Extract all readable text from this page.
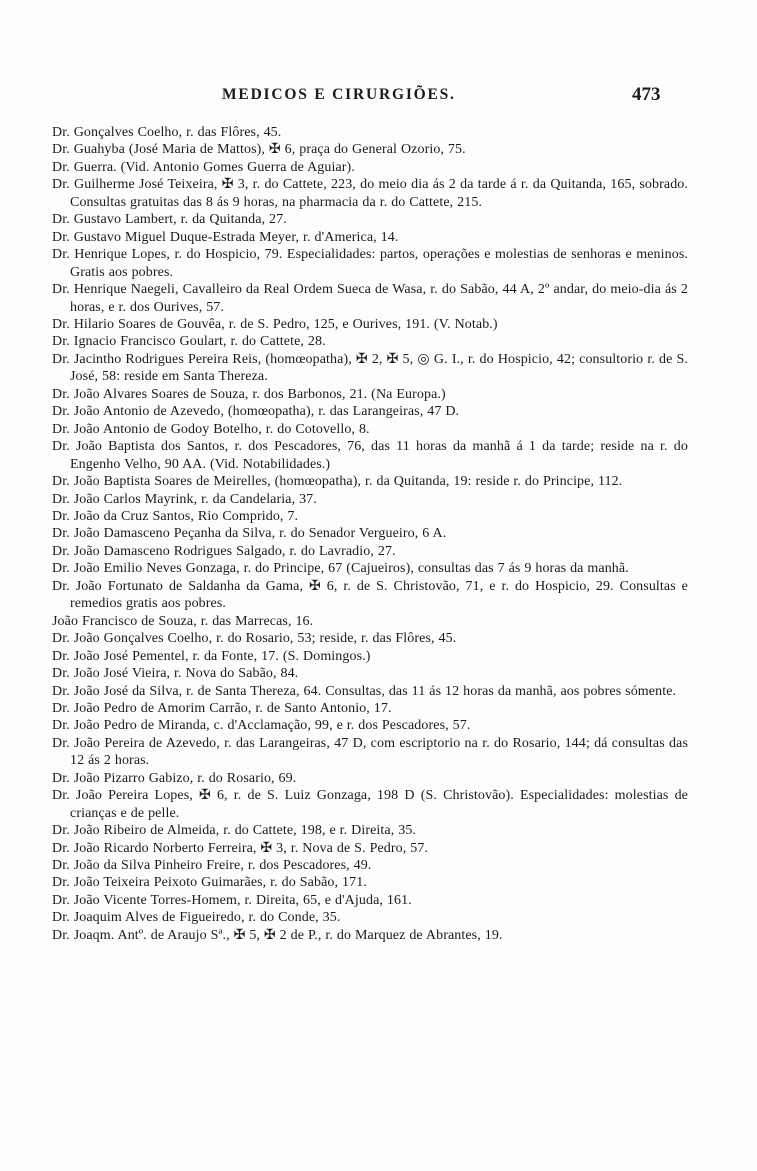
MEDICOS E CIRURGIÕES.	473
Dr. Gonçalves Coelho, r. das Flôres, 45.
Dr. Guahyba (José Maria de Mattos), ✠ 6, praça do General Ozorio, 75.
Dr. Guerra. (Vid. Antonio Gomes Guerra de Aguiar).
Dr. Guilherme José Teixeira, ✠ 3, r. do Cattete, 223, do meio dia ás 2 da tarde á r. da Quitanda, 165, sobrado. Consultas gratuitas das 8 ás 9 horas, na pharmacia da r. do Cattete, 215.
Dr. Gustavo Lambert, r. da Quitanda, 27.
Dr. Gustavo Miguel Duque-Estrada Meyer, r. d'America, 14.
Dr. Henrique Lopes, r. do Hospicio, 79. Especialidades: partos, operações e molestias de senhoras e meninos. Gratis aos pobres.
Dr. Henrique Naegeli, Cavalleiro da Real Ordem Sueca de Wasa, r. do Sabão, 44 A, 2º andar, do meio-dia ás 2 horas, e r. dos Ourives, 57.
Dr. Hilario Soares de Gouvêa, r. de S. Pedro, 125, e Ourives, 191. (V. Notab.)
Dr. Ignacio Francisco Goulart, r. do Cattete, 28.
Dr. Jacintho Rodrigues Pereira Reis, (homœopatha), ✠ 2, ✠ 5, ◎ G. I., r. do Hospicio, 42; consultorio r. de S. José, 58: reside em Santa Thereza.
Dr. João Alvares Soares de Souza, r. dos Barbonos, 21. (Na Europa.)
Dr. João Antonio de Azevedo, (homœopatha), r. das Larangeiras, 47 D.
Dr. João Antonio de Godoy Botelho, r. do Cotovello, 8.
Dr. João Baptista dos Santos, r. dos Pescadores, 76, das 11 horas da manhã á 1 da tarde; reside na r. do Engenho Velho, 90 AA. (Vid. Notabilidades.)
Dr. João Baptista Soares de Meirelles, (homœopatha), r. da Quitanda, 19: reside r. do Principe, 112.
Dr. João Carlos Mayrink, r. da Candelaria, 37.
Dr. João da Cruz Santos, Rio Comprido, 7.
Dr. João Damasceno Peçanha da Silva, r. do Senador Vergueiro, 6 A.
Dr. João Damasceno Rodrigues Salgado, r. do Lavradio, 27.
Dr. João Emilio Neves Gonzaga, r. do Principe, 67 (Cajueiros), consultas das 7 ás 9 horas da manhã.
Dr. João Fortunato de Saldanha da Gama, ✠ 6, r. de S. Christovão, 71, e r. do Hospicio, 29. Consultas e remedios gratis aos pobres.
João Francisco de Souza, r. das Marrecas, 16.
Dr. João Gonçalves Coelho, r. do Rosario, 53; reside, r. das Flôres, 45.
Dr. João José Pementel, r. da Fonte, 17. (S. Domingos.)
Dr. João José Vieira, r. Nova do Sabão, 84.
Dr. João José da Silva, r. de Santa Thereza, 64. Consultas, das 11 ás 12 horas da manhã, aos pobres sómente.
Dr. João Pedro de Amorim Carrão, r. de Santo Antonio, 17.
Dr. João Pedro de Miranda, c. d'Acclamação, 99, e r. dos Pescadores, 57.
Dr. João Pereira de Azevedo, r. das Larangeiras, 47 D, com escriptorio na r. do Rosario, 144; dá consultas das 12 ás 2 horas.
Dr. João Pizarro Gabizo, r. do Rosario, 69.
Dr. João Pereira Lopes, ✠ 6, r. de S. Luiz Gonzaga, 198 D (S. Christovão). Especialidades: molestias de crianças e de pelle.
Dr. João Ribeiro de Almeida, r. do Cattete, 198, e r. Direita, 35.
Dr. João Ricardo Norberto Ferreira, ✠ 3, r. Nova de S. Pedro, 57.
Dr. João da Silva Pinheiro Freire, r. dos Pescadores, 49.
Dr. João Teixeira Peixoto Guimarães, r. do Sabão, 171.
Dr. João Vicente Torres-Homem, r. Direita, 65, e d'Ajuda, 161.
Dr. Joaquim Alves de Figueiredo, r. do Conde, 35.
Dr. Joaqm. Antº. de Araujo Sª., ✠ 5, ✠ 2 de P., r. do Marquez de Abrantes, 19.
